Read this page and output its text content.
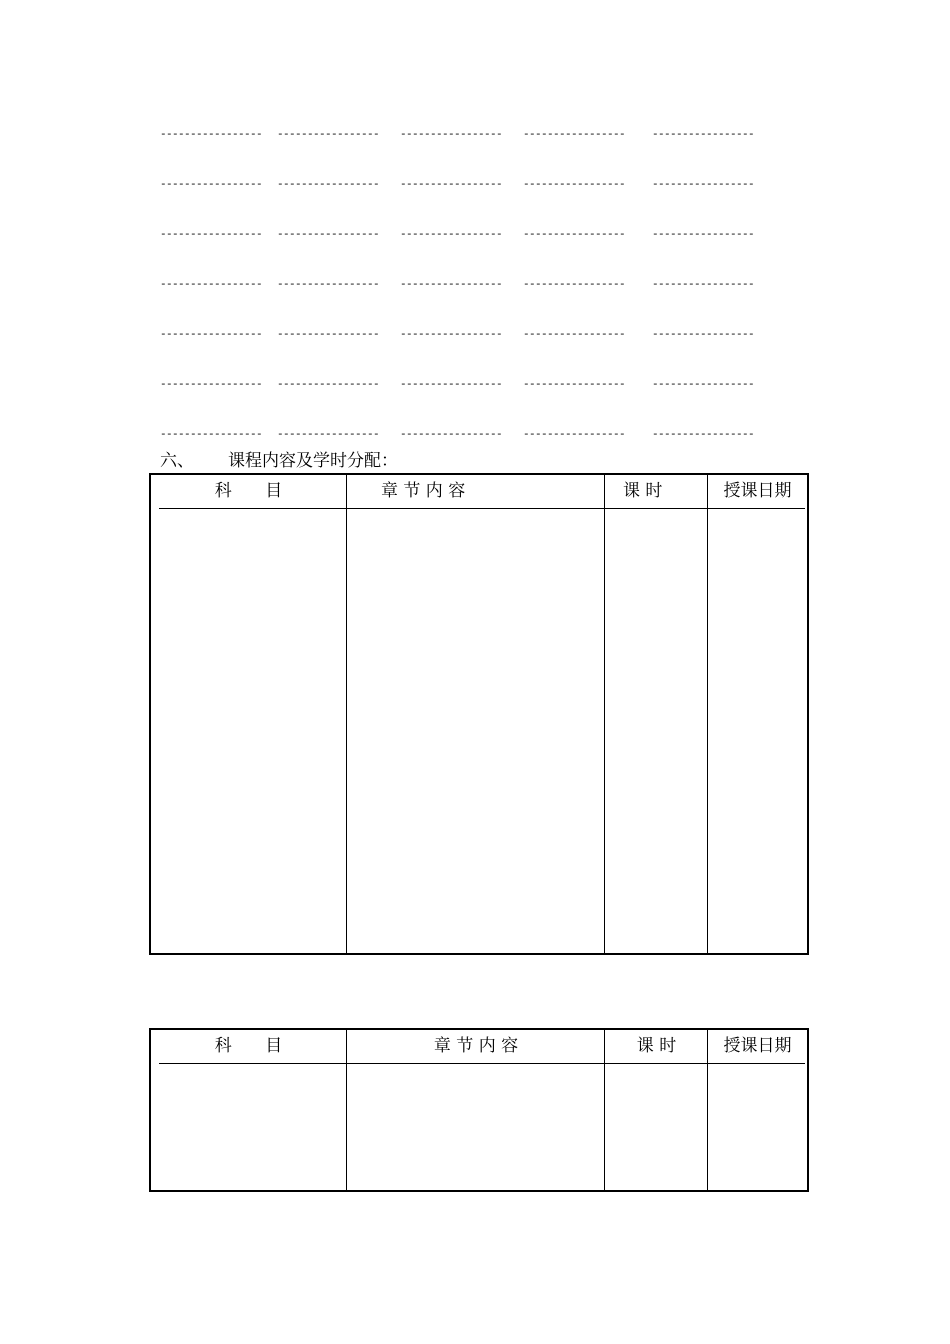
----------------- ----------------- ----------------- ----------------- -----------------
----------------- ----------------- ----------------- ----------------- -----------------
----------------- ----------------- ----------------- ----------------- -----------------
----------------- ----------------- ----------------- ----------------- -----------------
----------------- ----------------- ----------------- ----------------- -----------------
----------------- ----------------- ----------------- ----------------- -----------------
----------------- ----------------- ----------------- ----------------- -----------------
六、 课程内容及学时分配：
科 目	章 节 内 容	课 时	授课日期
科 目	章 节 内 容	课 时	授课日期
